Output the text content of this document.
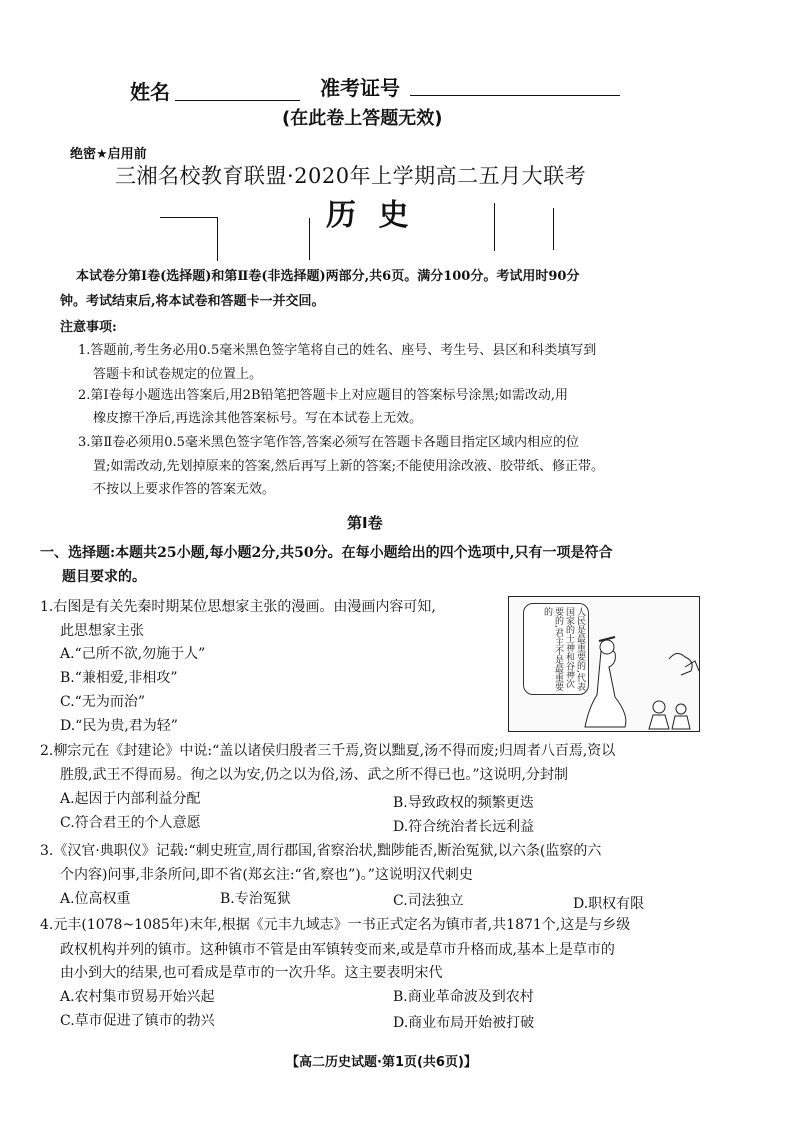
姓名	准考证号
(在此卷上答题无效)
绝密★启用前
三湘名校教育联盟·2020年上学期高二五月大联考
历 史
本试卷分第Ⅰ卷(选择题)和第Ⅱ卷(非选择题)两部分,共6页。满分100分。考试用时90分
钟。考试结束后,将本试卷和答题卡一并交回。
注意事项:
1.答题前,考生务必用0.5毫米黑色签字笔将自己的姓名、座号、考生号、县区和科类填写到
答题卡和试卷规定的位置上。
2.第Ⅰ卷每小题选出答案后,用2B铅笔把答题卡上对应题目的答案标号涂黑;如需改动,用
橡皮擦干净后,再选涂其他答案标号。写在本试卷上无效。
3.第Ⅱ卷必须用0.5毫米黑色签字笔作答,答案必须写在答题卡各题目指定区域内相应的位
置;如需改动,先划掉原来的答案,然后再写上新的答案;不能使用涂改液、胶带纸、修正带。
不按以上要求作答的答案无效。
第Ⅰ卷
一、选择题:本题共25小题,每小题2分,共50分。在每小题给出的四个选项中,只有一项是符合
题目要求的。
1.右图是有关先秦时期某位思想家主张的漫画。由漫画内容可知,
此思想家主张
A.“己所不欲,勿施于人”
B.“兼相爱,非相攻”
C.“无为而治”
D.“民为贵,君为轻”
人民是最重要的,代表国家的土神和谷神次要的,君主不是最重要的
2.柳宗元在《封建论》中说:“盖以诸侯归殷者三千焉,资以黜夏,汤不得而废;归周者八百焉,资以
胜殷,武王不得而易。徇之以为安,仍之以为俗,汤、武之所不得已也。”这说明,分封制
A.起因于内部利益分配	B.导致政权的频繁更迭
C.符合君王的个人意愿	D.符合统治者长远利益
3.《汉官·典职仪》记载:“刺史班宣,周行郡国,省察治状,黜陟能否,断治冤狱,以六条(监察的六
个内容)问事,非条所问,即不省(郑玄注:“省,察也”)。”这说明汉代刺史
A.位高权重	B.专治冤狱	C.司法独立	D.职权有限
4.元丰(1078~1085年)末年,根据《元丰九域志》一书正式定名为镇市者,共1871个,这是与乡级
政权机构并列的镇市。这种镇市不管是由军镇转变而来,或是草市升格而成,基本上是草市的
由小到大的结果,也可看成是草市的一次升华。这主要表明宋代
A.农村集市贸易开始兴起	B.商业革命波及到农村
C.草市促进了镇市的勃兴	D.商业布局开始被打破
【高二历史试题·第1页(共6页)】
